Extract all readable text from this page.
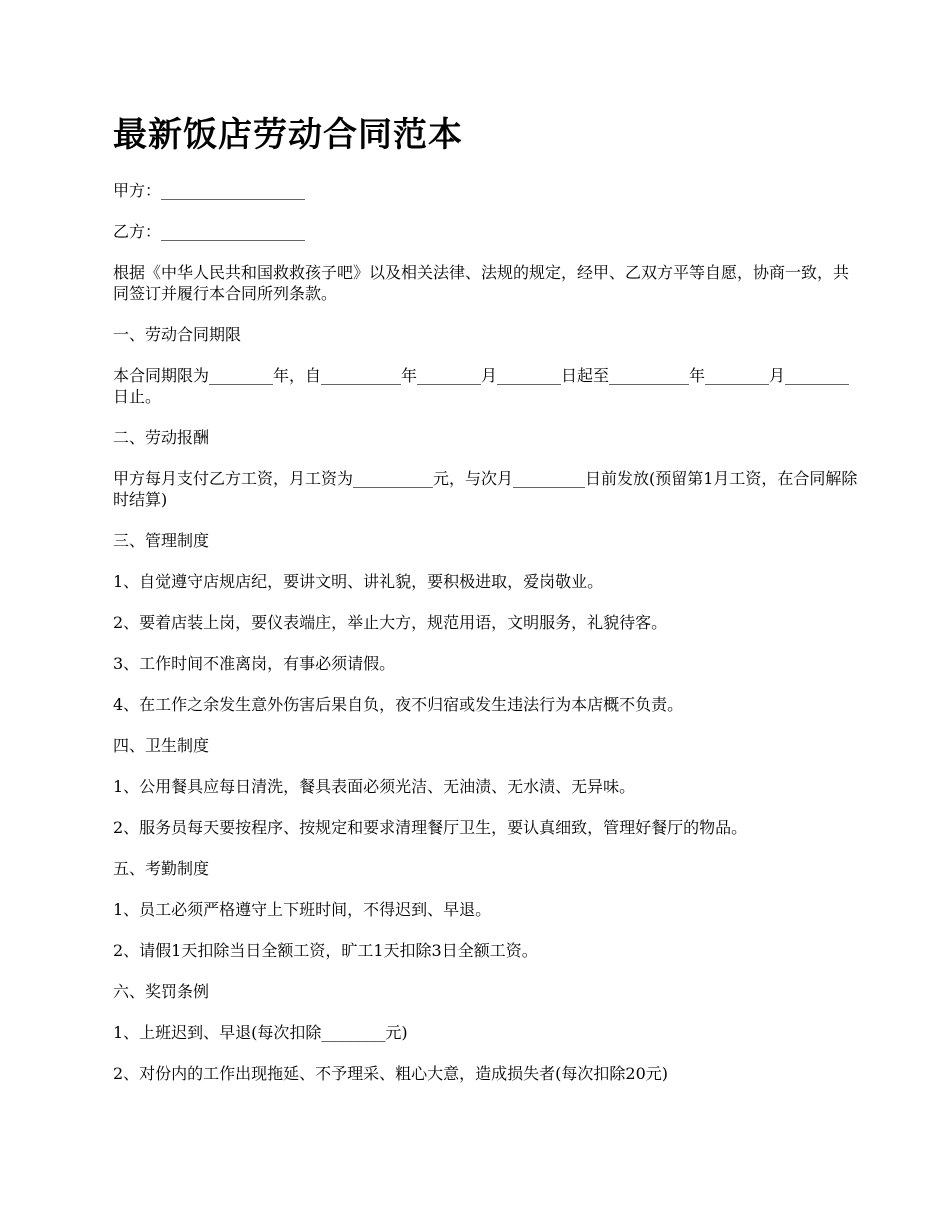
最新饭店劳动合同范本

甲方：__________________

乙方：__________________

根据《中华人民共和国救救孩子吧》以及相关法律、法规的规定，经甲、乙双方平等自愿，协商一致，共同签订并履行本合同所列条款。

一、劳动合同期限

本合同期限为________年，自__________年________月________日起至__________年________月________日止。

二、劳动报酬

甲方每月支付乙方工资，月工资为__________元，与次月_________日前发放(预留第1月工资，在合同解除时结算)

三、管理制度

1、自觉遵守店规店纪，要讲文明、讲礼貌，要积极进取，爱岗敬业。

2、要着店装上岗，要仪表端庄，举止大方，规范用语，文明服务，礼貌待客。

3、工作时间不准离岗，有事必须请假。

4、在工作之余发生意外伤害后果自负，夜不归宿或发生违法行为本店概不负责。

四、卫生制度

1、公用餐具应每日清洗，餐具表面必须光洁、无油渍、无水渍、无异味。

2、服务员每天要按程序、按规定和要求清理餐厅卫生，要认真细致，管理好餐厅的物品。

五、考勤制度

1、员工必须严格遵守上下班时间，不得迟到、早退。

2、请假1天扣除当日全额工资，旷工1天扣除3日全额工资。

六、奖罚条例

1、上班迟到、早退(每次扣除________元)

2、对份内的工作出现拖延、不予理采、粗心大意，造成损失者(每次扣除20元)
